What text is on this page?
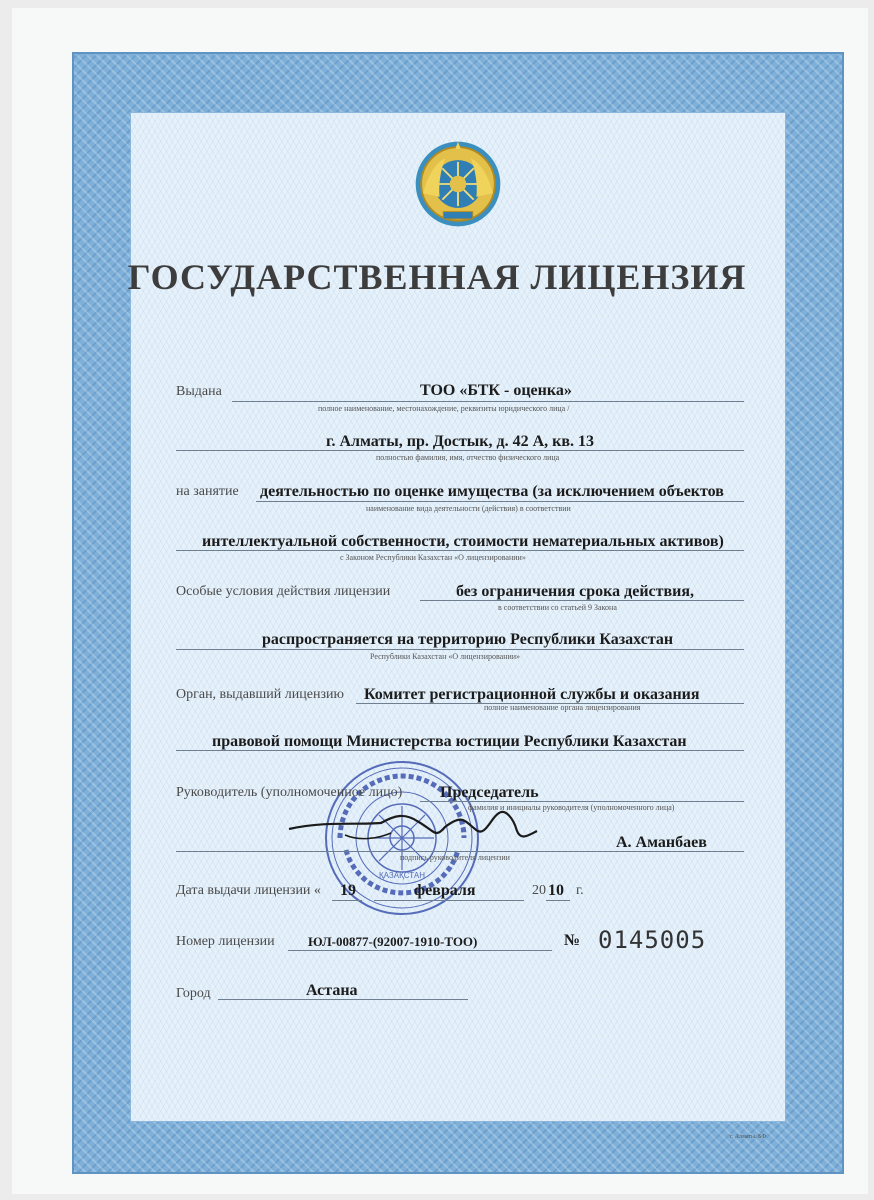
ГОСУДАРСТВЕННАЯ ЛИЦЕНЗИЯ
Выдана	ТОО «БТК - оценка»
полное наименование, местонахождение, реквизиты юридического лица /
г. Алматы, пр. Достык, д. 42 А, кв. 13
полностью фамилия, имя, отчество физического лица
на занятие деятельностью по оценке имущества (за исключением объектов
наименование вида деятельности (действия) в соответствии
интеллектуальной собственности, стоимости нематериальных активов)
с Законом Республики Казахстан «О лицензировании»
Особые условия действия лицензии	без ограничения срока действия,
в соответствии со статьей 9 Закона
распространяется на территорию Республики Казахстан
Республики Казахстан «О лицензировании»
Орган, выдавший лицензию Комитет регистрационной службы и оказания
полное наименование органа лицензирования
правовой помощи Министерства юстиции Республики Казахстан
ҚАЗАҚСТАН
Руководитель (уполномоченное лицо) Председатель
фамилия и инициалы руководителя (уполномоченного лица)
А. Аманбаев
подпись руководителя лицензии
Дата выдачи лицензии « 19	февраля	20 10 г.
Номер лицензии	ЮЛ-00877-(92007-1910-ТОО)	№ 0145005
Город	Астана
г. Алматы. БФ
